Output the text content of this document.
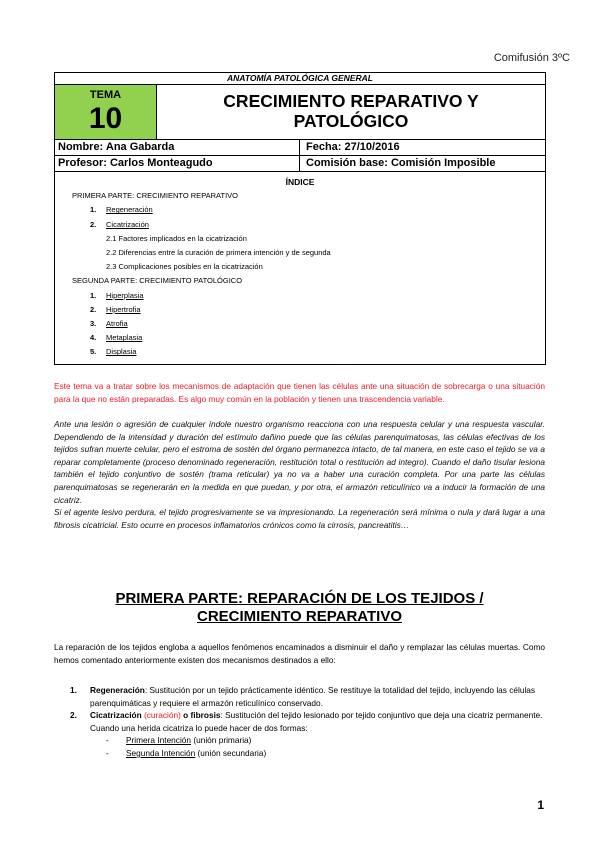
Comifusión 3ºC
ANATOMÍA PATOLÓGICA GENERAL
TEMA
10
CRECIMIENTO REPARATIVO Y
PATOLÓGICO
Nombre: Ana Gabarda	Fecha: 27/10/2016
Profesor: Carlos Monteagudo	Comisión base: Comisión Imposible
ÍNDICE
PRIMERA PARTE: CRECIMIENTO REPARATIVO
1. Regeneración
2. Cicatrización
2.1 Factores implicados en la cicatrización
2.2 Diferencias entre la curación de primera intención y de segunda
2.3 Complicaciones posibles en la cicatrización
SEGUNDA PARTE: CRECIMIENTO PATOLÓGICO
1. Hiperplasia
2. Hipertrofia
3. Atrofia
4. Metaplasia
5. Displasia
Este tema va a tratar sobre los mecanismos de adaptación que tienen las células ante una situación de sobrecarga o una situación para la que no están preparadas. Es algo muy común en la población y tienen una trascendencia variable.
Ante una lesión o agresión de cualquier índole nuestro organismo reacciona con una respuesta celular y una respuesta vascular. Dependiendo de la intensidad y duración del estímulo dañino puede que las células parenquimatosas, las células efectivas de los tejidos sufran muerte celular, pero el estroma de sostén del órgano permanezca intacto, de tal manera, en este caso el tejido se va a reparar completamente (proceso denominado regeneración, restitución total o restitución ad integro). Cuando el daño tisular lesiona también el tejido conjuntivo de sostén (trama reticular) ya no va a haber una curación completa. Por una parte las células parenquimatosas se regenerarán en la medida en que puedan, y por otra, el armazón reticulínico va a inducir la formación de una cicatriz.
Si el agente lesivo perdura, el tejido progresivamente se va impresionando. La regeneración será mínima o nula y dará lugar a una fibrosis cicatricial. Esto ocurre en procesos inflamatorios crónicos como la cirrosis, pancreatitis…
PRIMERA PARTE: REPARACIÓN DE LOS TEJIDOS /
CRECIMIENTO REPARATIVO
La reparación de los tejidos engloba a aquellos fenómenos encaminados a disminuir el daño y remplazar las células muertas. Como hemos comentado anteriormente existen dos mecanismos destinados a ello:
1.	Regeneración: Sustitución por un tejido prácticamente idéntico. Se restituye la totalidad del tejido, incluyendo las células parenquimáticas y requiere el armazón reticulínico conservado.
2.	Cicatrización (curación) o fibrosis: Sustitución del tejido lesionado por tejido conjuntivo que deja una cicatriz permanente. Cuando una herida cicatriza lo puede hacer de dos formas:
- Primera Intención (unión primaria)
- Segunda Intención (unión secundaria)
1
